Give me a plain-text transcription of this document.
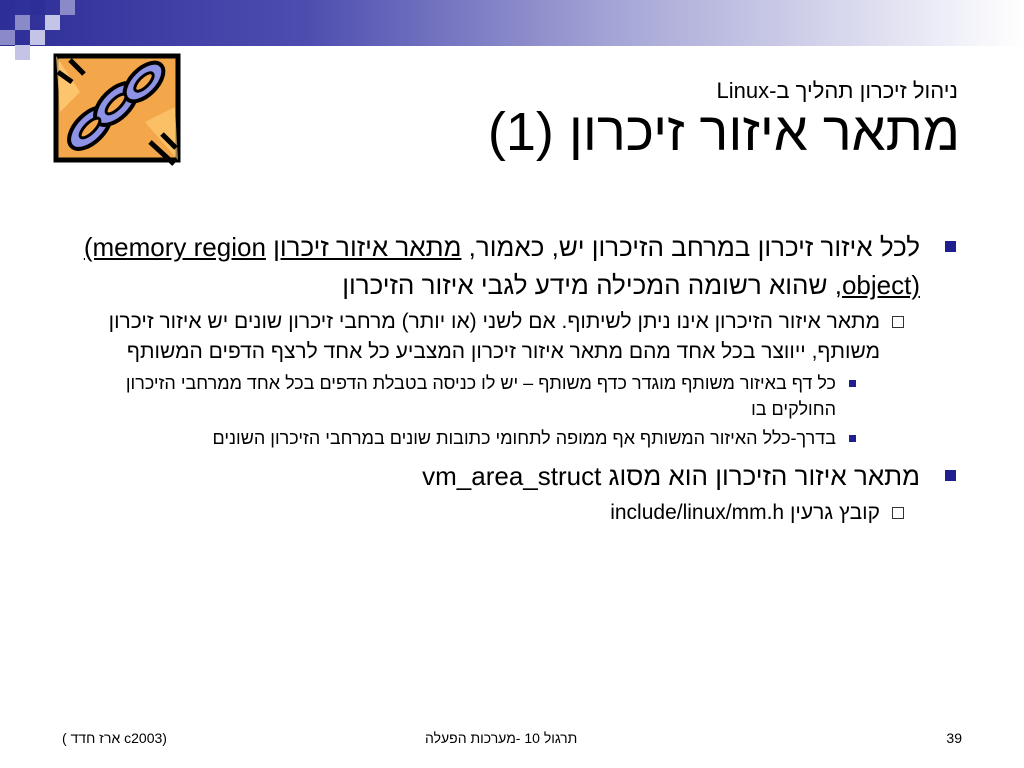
ניהול זיכרון תהליך ב-Linux
מתאר איזור זיכרון (1)
לכל איזור זיכרון במרחב הזיכרון יש, כאמור, מתאר איזור זיכרון (memory region object), שהוא רשומה המכילה מידע לגבי איזור הזיכרון
מתאר איזור הזיכרון אינו ניתן לשיתוף. אם לשני (או יותר) מרחבי זיכרון שונים יש איזור זיכרון משותף, ייווצר בכל אחד מהם מתאר איזור זיכרון המצביע כל אחד לרצף הדפים המשותף
כל דף באיזור משותף מוגדר כדף משותף – יש לו כניסה בטבלת הדפים בכל אחד ממרחבי הזיכרון החולקים בו
בדרך-כלל האיזור המשותף אף ממופה לתחומי כתובות שונים במרחבי הזיכרון השונים
מתאר איזור הזיכרון הוא מסוג vm_area_struct
קובץ גרעין include/linux/mm.h
(c2003 ארז חדד )	תרגול 10 -מערכות הפעלה	39
